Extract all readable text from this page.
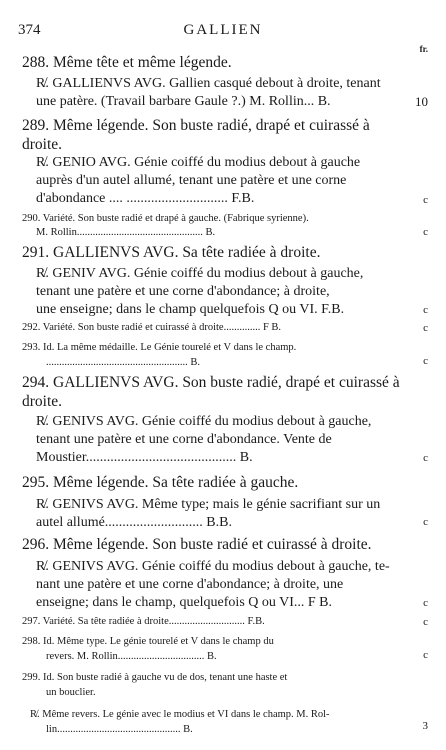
374	GALLIEN
fr.
288. Même tête et même légende.
R̸. GALLIENVS AVG. Gallien casqué debout à droite, tenant
une patère. (Travail barbare Gaule ?.) M. Rollin... B.	10
289. Même légende. Son buste radié, drapé et cuirassé à
droite.
R̸. GENIO AVG. Génie coiffé du modius debout à gauche
auprès d'un autel allumé, tenant une patère et une corne
d'abondance .... ............................. F.B.	c
290. Variété. Son buste radié et drapé à gauche. (Fabrique syrienne).
M. Rollin................................................ B.	c
291. GALLIENVS AVG. Sa tête radiée à droite.
R̸. GENIV AVG. Génie coiffé du modius debout à gauche,
tenant une patère et une corne d'abondance; à droite,
une enseigne; dans le champ quelquefois Q ou VI. F.B.	c
292. Variété. Son buste radié et cuirassé à droite.............. F B.	c
293. Id. La même médaille. Le Génie tourelé et V dans le champ.
...................................................... B.	c
294. GALLIENVS AVG. Son buste radié, drapé et cuirassé à
droite.
R̸. GENIVS AVG. Génie coiffé du modius debout à gauche,
tenant une patère et une corne d'abondance. Vente de
Moustier........................................... B.	c
295. Même légende. Sa tête radiée à gauche.
R̸. GENIVS AVG. Même type; mais le génie sacrifiant sur un
autel allumé............................ B.B.	c
296. Même légende. Son buste radié et cuirassé à droite.
R̸. GENIVS AVG. Génie coiffé du modius debout à gauche, te-
nant une patère et une corne d'abondance; à droite, une
enseigne; dans le champ, quelquefois Q ou VI... F B.	c
297. Variété. Sa tête radiée à droite............................. F.B.	c
298. Id. Même type. Le génie tourelé et V dans le champ du
revers. M. Rollin................................. B.	c
299. Id. Son buste radié à gauche vu de dos, tenant une haste et
un bouclier.
R̸. Même revers. Le génie avec le modius et VI dans le champ. M. Rol-
lin............................................... B.	3
